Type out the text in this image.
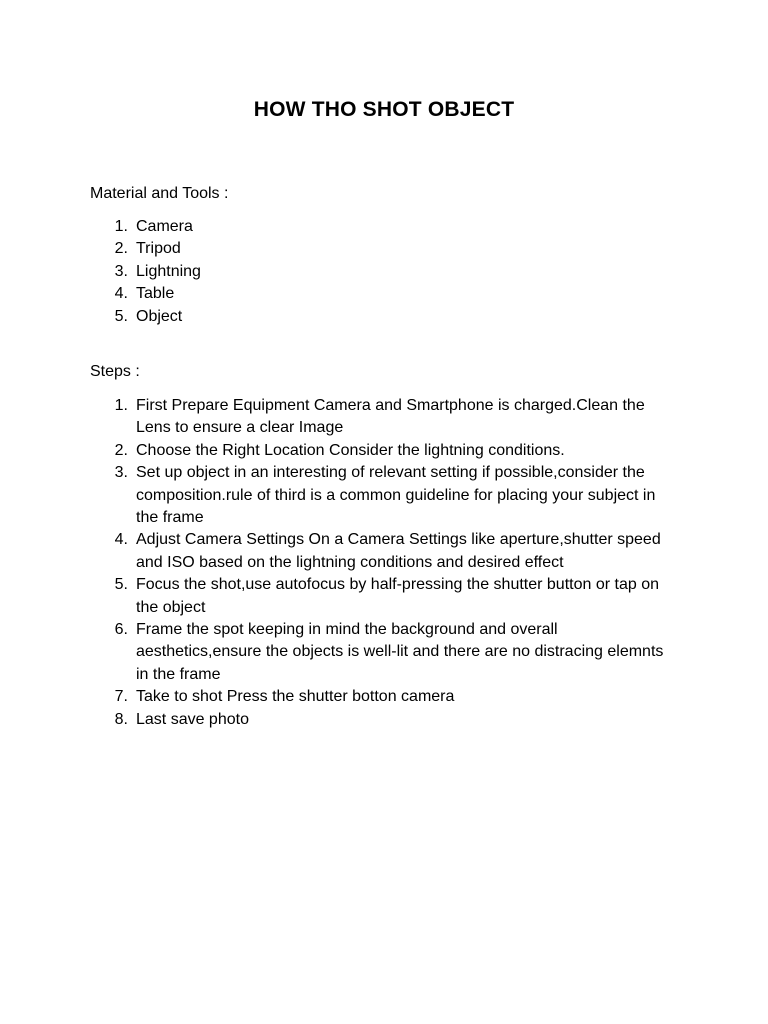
HOW THO SHOT OBJECT
Material and Tools :
1. Camera
2. Tripod
3. Lightning
4. Table
5. Object
Steps :
1. First Prepare Equipment Camera and Smartphone is charged.Clean the Lens to ensure a clear Image
2. Choose the Right Location Consider the lightning conditions.
3. Set up object in an interesting of relevant setting if possible,consider the composition.rule of third is a common guideline for placing your subject in the frame
4. Adjust Camera Settings On a Camera Settings like aperture,shutter speed and ISO based on the lightning conditions and desired effect
5. Focus the shot,use autofocus by half-pressing the shutter button or tap on the object
6. Frame the spot keeping in mind the background and overall aesthetics,ensure the objects is well-lit and there are no distracing elemnts in the frame
7. Take to shot Press the shutter botton camera
8. Last save photo
